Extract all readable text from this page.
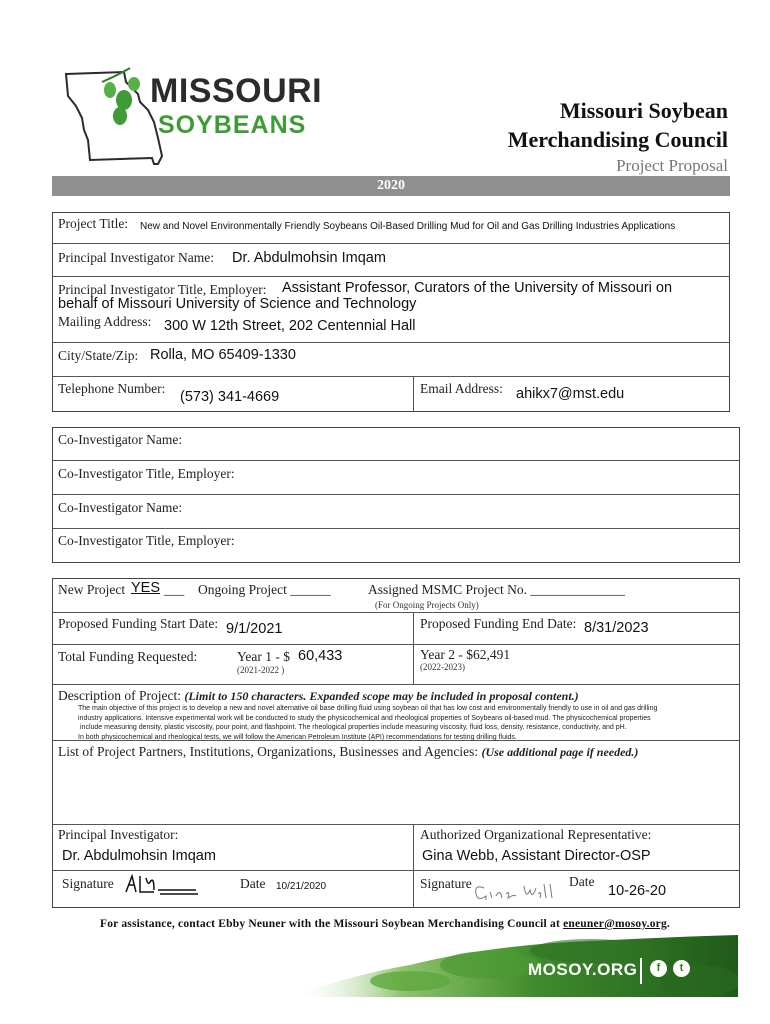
MISSOURI
SOYBEANS
Missouri Soybean
Merchandising Council
Project Proposal
2020
Project Title: New and Novel Environmentally Friendly Soybeans Oil-Based Drilling Mud for Oil and Gas Drilling Industries Applications
Principal Investigator Name: Dr. Abdulmohsin Imqam
Principal Investigator Title, Employer: Assistant Professor, Curators of the University of Missouri on
behalf of Missouri University of Science and Technology
Mailing Address: 300 W 12th Street, 202 Centennial Hall
City/State/Zip: Rolla, MO 65409-1330
Telephone Number:
(573) 341-4669
Email Address: ahikx7@mst.edu
Co-Investigator Name:
Co-Investigator Title, Employer:
Co-Investigator Name:
Co-Investigator Title, Employer:
New Project YES ___ Ongoing Project ______	Assigned MSMC Project No. ______________
(For Ongoing Projects Only)
Proposed Funding Start Date: 9/1/2021	Proposed Funding End Date: 8/31/2023
Total Funding Requested:	Year 1 - $ 60,433
(2021-2022 )
Year 2 - $62,491
(2022-2023)
Description of Project: (Limit to 150 characters. Expanded scope may be included in proposal content.)
The main objective of this project is to develop a new and novel alternative oil base drilling fluid using soybean oil that has low cost and environmentally friendly to use in oil and gas drilling
industry applications. Intensive experimental work will be conducted to study the physicochemical and rheological properties of Soybeans oil-based mud. The physicochemical properties
include measuring density, plastic viscosity, pour point, and flashpoint. The rheological properties include measuring viscosity, fluid loss, density, resistance, conductivity, and pH.
In both physicochemical and rheological tests, we will follow the American Petroleum Institute (API) recommendations for testing drilling fluids.
List of Project Partners, Institutions, Organizations, Businesses and Agencies: (Use additional page if needed.)
Principal Investigator:
Dr. Abdulmohsin Imqam
Authorized Organizational Representative:
Gina Webb, Assistant Director-OSP
Signature	Date 10/21/2020	Signature	Date
10-26-20
For assistance, contact Ebby Neuner with the Missouri Soybean Merchandising Council at eneuner@mosoy.org.
MOSOY.ORG	f	t
